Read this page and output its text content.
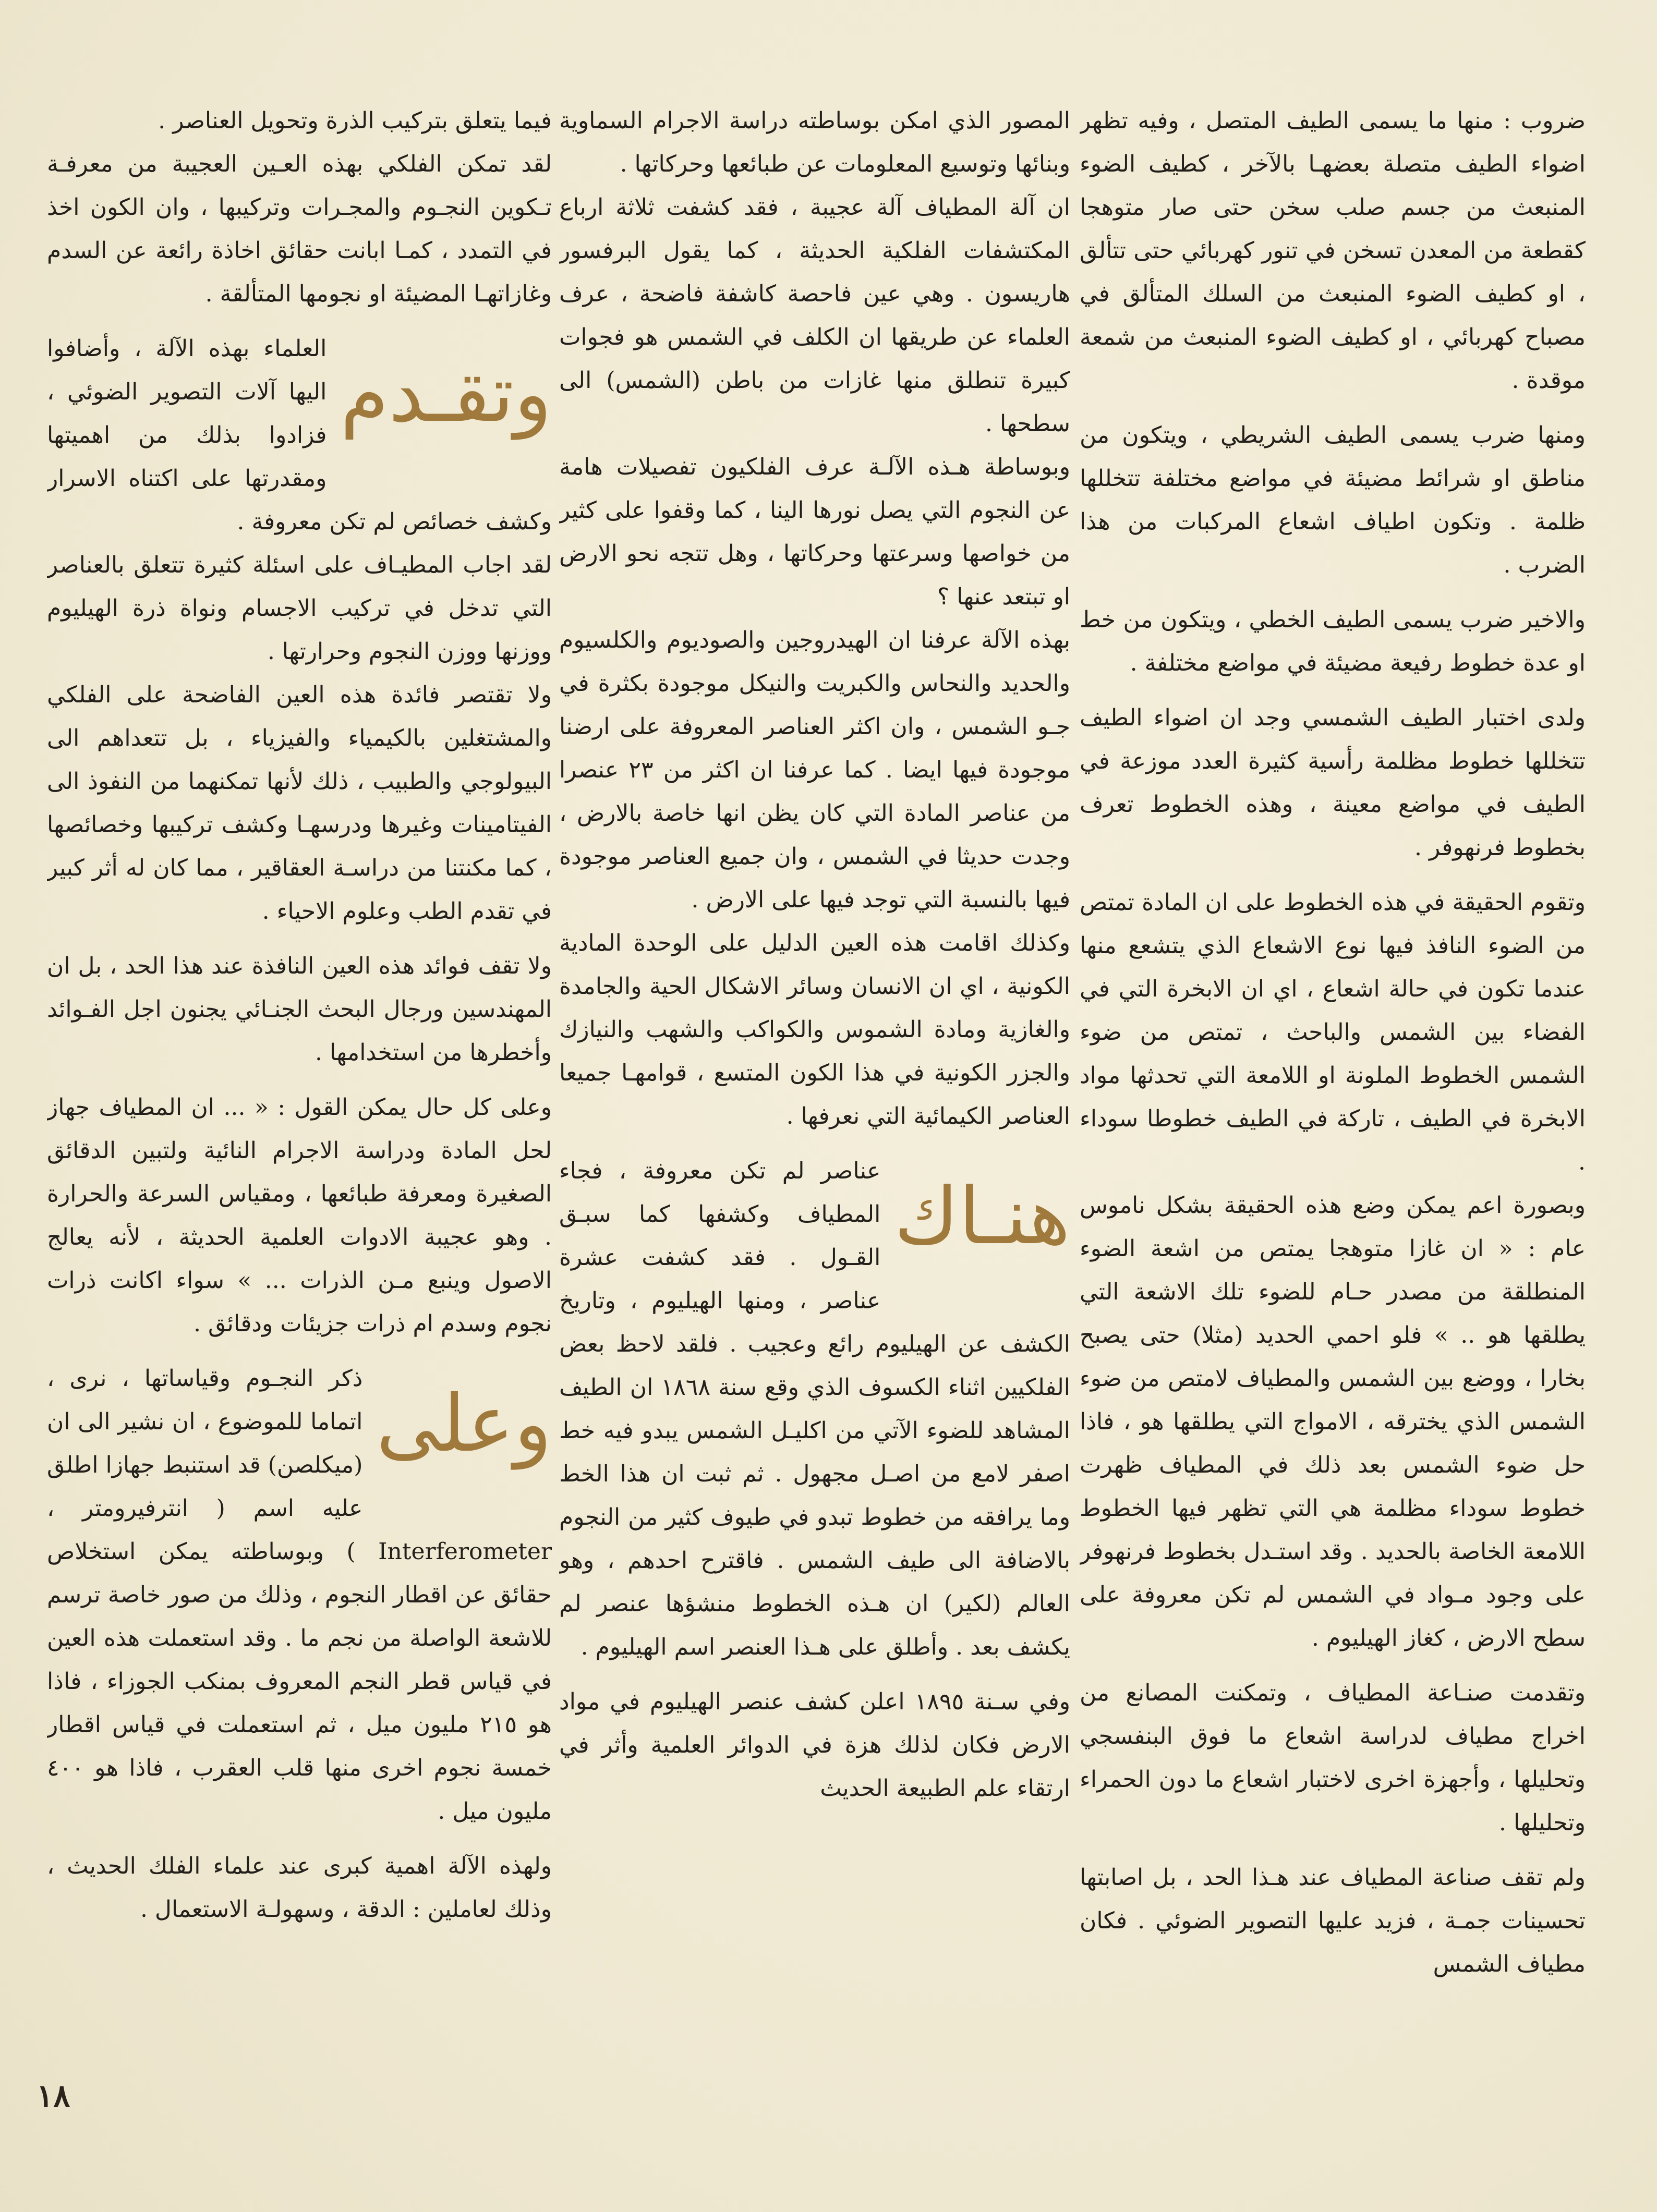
ضروب : منها ما يسمى الطيف المتصل ، وفيه تظهر اضواء الطيف متصلة بعضهـا بالآخر ، كطيف الضوء المنبعث من جسم صلب سخن حتى صار متوهجا كقطعة من المعدن تسخن في تنور كهربائي حتى تتألق ، او كطيف الضوء المنبعث من السلك المتألق في مصباح كهربائي ، او كطيف الضوء المنبعث من شمعة موقدة .

ومنها ضرب يسمى الطيف الشريطي ، ويتكون من مناطق او شرائط مضيئة في مواضع مختلفة تتخللها ظلمة . وتكون اطياف اشعاع المركبات من هذا الضرب .

والاخير ضرب يسمى الطيف الخطي ، ويتكون من خط او عدة خطوط رفيعة مضيئة في مواضع مختلفة .

ولدى اختبار الطيف الشمسي وجد ان اضواء الطيف تتخللها خطوط مظلمة رأسية كثيرة العدد موزعة في الطيف في مواضع معينة ، وهذه الخطوط تعرف بخطوط فرنهوفر .

وتقوم الحقيقة في هذه الخطوط على ان المادة تمتص من الضوء النافذ فيها نوع الاشعاع الذي يتشعع منها عندما تكون في حالة اشعاع ، اي ان الابخرة التي في الفضاء بين الشمس والباحث ، تمتص من ضوء الشمس الخطوط الملونة او اللامعة التي تحدثها مواد الابخرة في الطيف ، تاركة في الطيف خطوطا سوداء .

وبصورة اعم يمكن وضع هذه الحقيقة بشكل ناموس عام : « ان غازا متوهجا يمتص من اشعة الضوء المنطلقة من مصدر حـام للضوء تلك الاشعة التي يطلقها هو .. » فلو احمي الحديد (مثلا) حتى يصبح بخارا ، ووضع بين الشمس والمطياف لامتص من ضوء الشمس الذي يخترقه ، الامواج التي يطلقها هو ، فاذا حل ضوء الشمس بعد ذلك في المطياف ظهرت خطوط سوداء مظلمة هي التي تظهر فيها الخطوط اللامعة الخاصة بالحديد . وقد استـدل بخطوط فرنهوفر على وجود مـواد في الشمس لم تكن معروفة على سطح الارض ، كغاز الهيليوم .

وتقدمت صنـاعة المطياف ، وتمكنت المصانع من اخراج مطياف لدراسة اشعاع ما فوق البنفسجي وتحليلها ، وأجهزة اخرى لاختبار اشعاع ما دون الحمراء وتحليلها .

ولم تقف صناعة المطياف عند هـذا الحد ، بل اصابتها تحسينات جمـة ، فزيد عليها التصوير الضوئي . فكان مطياف الشمس

المصور الذي امكن بوساطته دراسة الاجرام السماوية وبنائها وتوسيع المعلومات عن طبائعها وحركاتها .

ان آلة المطياف آلة عجيبة ، فقد كشفت ثلاثة ارباع المكتشفات الفلكية الحديثة ، كما يقول البرفسور هاريسون . وهي عين فاحصة كاشفة فاضحة ، عرف العلماء عن طريقها ان الكلف في الشمس هو فجوات كبيرة تنطلق منها غازات من باطن (الشمس) الى سطحها .

وبوساطة هـذه الآلـة عرف الفلكيون تفصيلات هامة عن النجوم التي يصل نورها الينا ، كما وقفوا على كثير من خواصها وسرعتها وحركاتها ، وهل تتجه نحو الارض او تبتعد عنها ؟

بهذه الآلة عرفنا ان الهيدروجين والصوديوم والكلسيوم والحديد والنحاس والكبريت والنيكل موجودة بكثرة في جـو الشمس ، وان اكثر العناصر المعروفة على ارضنا موجودة فيها ايضا . كما عرفنا ان اكثر من ٢٣ عنصرا من عناصر المادة التي كان يظن انها خاصة بالارض ، وجدت حديثا في الشمس ، وان جميع العناصر موجودة فيها بالنسبة التي توجد فيها على الارض .

وكذلك اقامت هذه العين الدليل على الوحدة المادية الكونية ، اي ان الانسان وسائر الاشكال الحية والجامدة والغازية ومادة الشموس والكواكب والشهب والنيازك والجزر الكونية في هذا الكون المتسع ، قوامهـا جميعا العناصر الكيمائية التي نعرفها .

هنـاك
عناصر لم تكن معروفة ، فجاء المطياف وكشفها كما سبـق القـول . فقد كشفت عشرة عناصر ، ومنها الهيليوم ، وتاريخ الكشف عن الهيليوم رائع وعجيب . فلقد لاحظ بعض الفلكيين اثناء الكسوف الذي وقع سنة ١٨٦٨ ان الطيف المشاهد للضوء الآتي من اكليـل الشمس يبدو فيه خط اصفر لامع من اصـل مجهول . ثم ثبت ان هذا الخط وما يرافقه من خطوط تبدو في طيوف كثير من النجوم بالاضافة الى طيف الشمس . فاقترح احدهم ، وهو العالم (لكير) ان هـذه الخطوط منشؤها عنصر لم يكشف بعد . وأطلق على هـذا العنصر اسم الهيليوم .

وفي سـنة ١٨٩٥ اعلن كشف عنصر الهيليوم في مواد الارض فكان لذلك هزة في الدوائر العلمية وأثر في ارتقاء علم الطبيعة الحديث

فيما يتعلق بتركيب الذرة وتحويل العناصر .

لقد تمكن الفلكي بهذه العـين العجيبة من معرفـة تـكوين النجـوم والمجـرات وتركيبها ، وان الكون اخذ في التمدد ، كمـا ابانت حقائق اخاذة رائعة عن السدم وغازاتهـا المضيئة او نجومها المتألقة .

وتقـدم
العلماء بهذه الآلة ، وأضافوا اليها آلات التصوير الضوئي ، فزادوا بذلك من اهميتها ومقدرتها على اكتناه الاسرار وكشف خصائص لم تكن معروفة .

لقد اجاب المطيـاف على اسئلة كثيرة تتعلق بالعناصر التي تدخل في تركيب الاجسام ونواة ذرة الهيليوم ووزنها ووزن النجوم وحرارتها .

ولا تقتصر فائدة هذه العين الفاضحة على الفلكي والمشتغلين بالكيمياء والفيزياء ، بل تتعداهم الى البيولوجي والطبيب ، ذلك لأنها تمكنهما من النفوذ الى الفيتامينات وغيرها ودرسهـا وكشف تركيبها وخصائصها ، كما مكنتنا من دراسـة العقاقير ، مما كان له أثر كبير في تقدم الطب وعلوم الاحياء .

ولا تقف فوائد هذه العين النافذة عند هذا الحد ، بل ان المهندسين ورجال البحث الجنـائي يجنون اجل الفـوائد وأخطرها من استخدامها .

وعلى كل حال يمكن القول : « ... ان المطياف جهاز لحل المادة ودراسة الاجرام النائية ولتبين الدقائق الصغيرة ومعرفة طبائعها ، ومقياس السرعة والحرارة . وهو عجيبة الادوات العلمية الحديثة ، لأنه يعالج الاصول وينبع مـن الذرات ... » سواء اكانت ذرات نجوم وسدم ام ذرات جزيئات ودقائق .

وعلى
ذكر النجـوم وقياساتها ، نرى ، اتماما للموضوع ، ان نشير الى ان (ميكلصن) قد استنبط جهازا اطلق عليه اسم ( انترفيرومتر ، Interferometer ) وبوساطته يمكن استخلاص حقائق عن اقطار النجوم ، وذلك من صور خاصة ترسم للاشعة الواصلة من نجم ما . وقد استعملت هذه العين في قياس قطر النجم المعروف بمنكب الجوزاء ، فاذا هو ٢١٥ مليون ميل ، ثم استعملت في قياس اقطار خمسة نجوم اخرى منها قلب العقرب ، فاذا هو ٤٠٠ مليون ميل .

ولهذه الآلة اهمية كبرى عند علماء الفلك الحديث ، وذلك لعاملين : الدقة ، وسهولـة الاستعمال .

١٨
